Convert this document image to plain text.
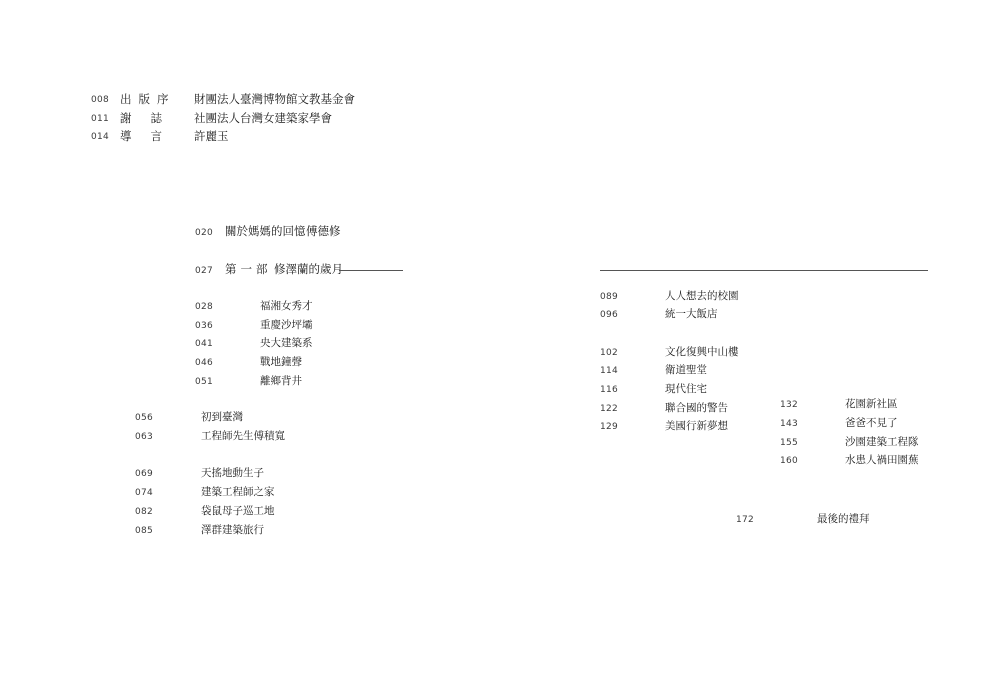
008 出版序 財團法人臺灣博物館文教基金會
011 謝誌 社團法人台灣女建築家學會
014 導言 許麗玉
020 關於媽媽的回憶 傅德修
027 第一部 修澤蘭的歲月
028	福湘女秀才
036	重慶沙坪壩
041	央大建築系
046	戰地鐘聲
051	離鄉背井
056	初到臺灣
063	工程師先生傅積寬
069	天搖地動生子
074	建築工程師之家
082	袋鼠母子巡工地
085	澤群建築旅行
089	人人想去的校園
096	統一大飯店
102	文化復興中山樓
114	衛道聖堂
116	現代住宅
122	聯合國的警告
129	美國行新夢想
132	花園新社區
143	爸爸不見了
155	沙園建築工程隊
160	水患人禍田園蕪
172	最後的禮拜
